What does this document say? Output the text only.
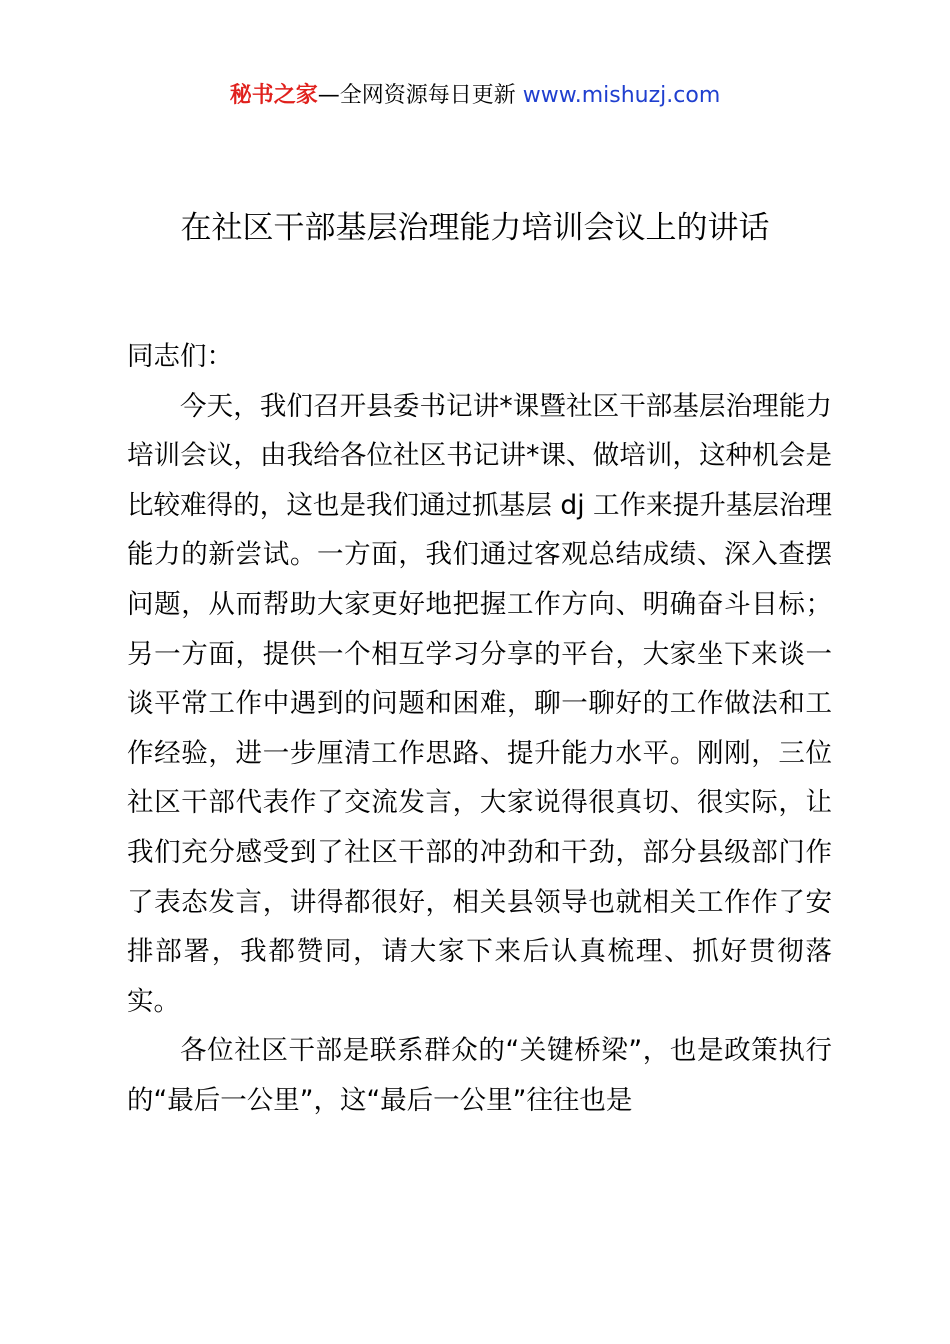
秘书之家—全网资源每日更新 www.mishuzj.com
在社区干部基层治理能力培训会议上的讲话

同志们：

今天，我们召开县委书记讲*课暨社区干部基层治理能力培训会议，由我给各位社区书记讲*课、做培训，这种机会是比较难得的，这也是我们通过抓基层 dj 工作来提升基层治理能力的新尝试。一方面，我们通过客观总结成绩、深入查摆问题，从而帮助大家更好地把握工作方向、明确奋斗目标；另一方面，提供一个相互学习分享的平台，大家坐下来谈一谈平常工作中遇到的问题和困难，聊一聊好的工作做法和工作经验，进一步厘清工作思路、提升能力水平。刚刚，三位社区干部代表作了交流发言，大家说得很真切、很实际，让我们充分感受到了社区干部的冲劲和干劲，部分县级部门作了表态发言，讲得都很好，相关县领导也就相关工作作了安排部署，我都赞同，请大家下来后认真梳理、抓好贯彻落实。

各位社区干部是联系群众的“关键桥梁”，也是政策执行的“最后一公里”，这“最后一公里”往往也是
